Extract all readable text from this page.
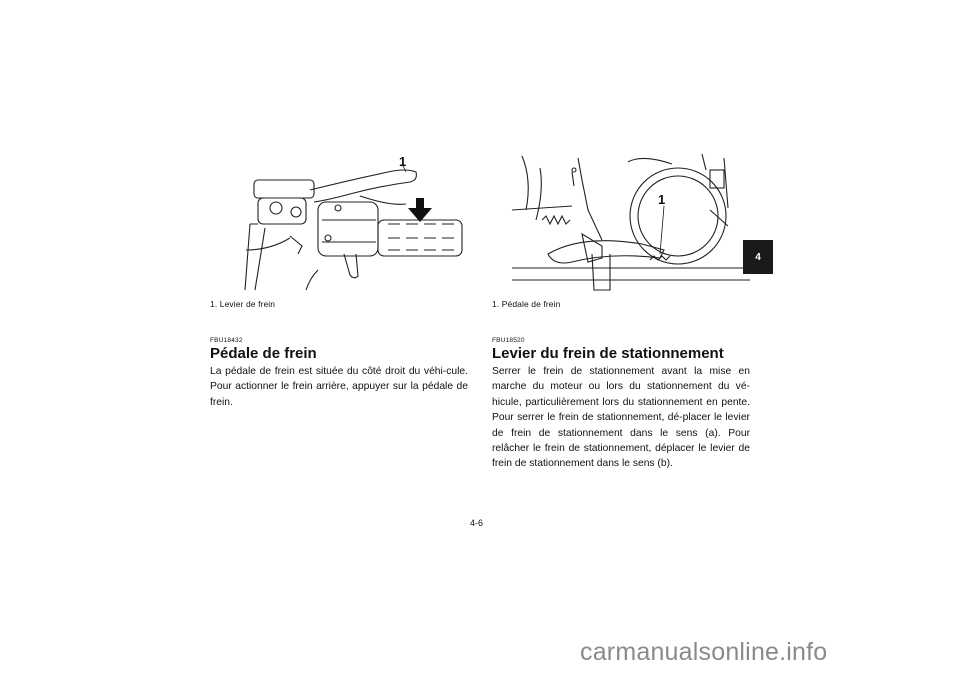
1
1. Levier de frein
FBU18432
Pédale de frein
La pédale de frein est située du côté droit du véhi-cule. Pour actionner le frein arrière, appuyer sur la pédale de frein.
1
1. Pédale de frein
FBU18520
Levier du frein de stationnement
Serrer le frein de stationnement avant la mise en marche du moteur ou lors du stationnement du vé-hicule, particulièrement lors du stationnement en pente. Pour serrer le frein de stationnement, dé-placer le levier de frein de stationnement dans le sens (a). Pour relâcher le frein de stationnement, déplacer le levier de frein de stationnement dans le sens (b).
4
4-6
carmanualsonline.info
